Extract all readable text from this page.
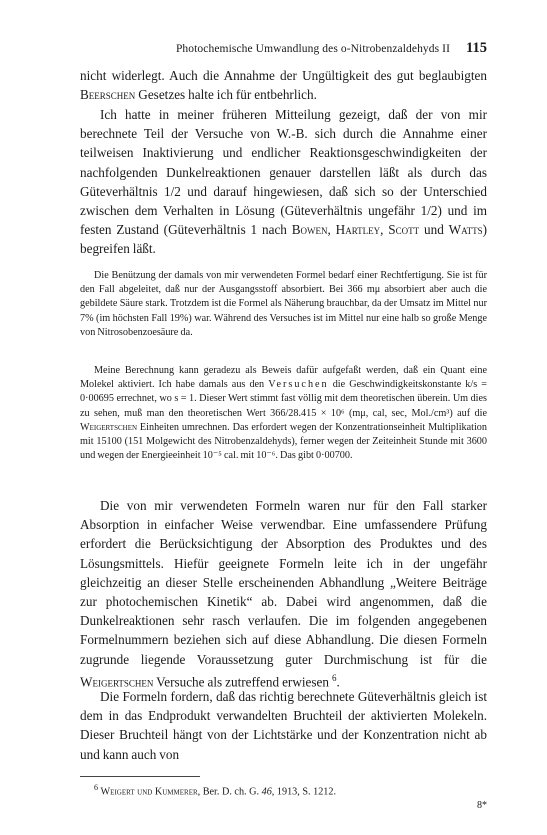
Photochemische Umwandlung des o-Nitrobenzaldehyds II 115

nicht widerlegt. Auch die Annahme der Ungültigkeit des gut beglaubigten Beerschen Gesetzes halte ich für entbehrlich.

Ich hatte in meiner früheren Mitteilung gezeigt, daß der von mir berechnete Teil der Versuche von W.-B. sich durch die Annahme einer teilweisen Inaktivierung und endlicher Reaktionsgeschwindigkeiten der nachfolgenden Dunkelreaktionen genauer darstellen läßt als durch das Güteverhältnis 1/2 und darauf hingewiesen, daß sich so der Unterschied zwischen dem Verhalten in Lösung (Güteverhältnis ungefähr 1/2) und im festen Zustand (Güteverhältnis 1 nach Bowen, Hartley, Scott und Watts) begreifen läßt.

Die Benützung der damals von mir verwendeten Formel bedarf einer Rechtfertigung. Sie ist für den Fall abgeleitet, daß nur der Ausgangsstoff absorbiert. Bei 366 mμ absorbiert aber auch die gebildete Säure stark. Trotzdem ist die Formel als Näherung brauchbar, da der Umsatz im Mittel nur 7% (im höchsten Fall 19%) war. Während des Versuches ist im Mittel nur eine halb so große Menge von Nitrosobenzoesäure da.

Meine Berechnung kann geradezu als Beweis dafür aufgefaßt werden, daß ein Quant eine Molekel aktiviert. Ich habe damals aus den Versuchen die Geschwindigkeitskonstante k/s = 0·00695 errechnet, wo s = 1. Dieser Wert stimmt fast völlig mit dem theoretischen überein. Um dies zu sehen, muß man den theoretischen Wert 366/28.415 × 10⁶ (mμ, cal, sec, Mol./cm³) auf die Weigertschen Einheiten umrechnen. Das erfordert wegen der Konzentrationseinheit Multiplikation mit 15100 (151 Molgewicht des Nitrobenzaldehyds), ferner wegen der Zeiteinheit Stunde mit 3600 und wegen der Energieeinheit 10⁻⁵ cal. mit 10⁻⁶. Das gibt 0·00700.

Die von mir verwendeten Formeln waren nur für den Fall starker Absorption in einfacher Weise verwendbar. Eine umfassendere Prüfung erfordert die Berücksichtigung der Absorption des Produktes und des Lösungsmittels. Hiefür geeignete Formeln leite ich in der ungefähr gleichzeitig an dieser Stelle erscheinenden Abhandlung „Weitere Beiträge zur photochemischen Kinetik“ ab. Dabei wird angenommen, daß die Dunkelreaktionen sehr rasch verlaufen. Die im folgenden angegebenen Formelnummern beziehen sich auf diese Abhandlung. Die diesen Formeln zugrunde liegende Voraussetzung guter Durchmischung ist für die Weigertschen Versuche als zutreffend erwiesen $^6$.

Die Formeln fordern, daß das richtig berechnete Güteverhältnis gleich ist dem in das Endprodukt verwandelten Bruchteil der aktivierten Molekeln. Dieser Bruchteil hängt von der Lichtstärke und der Konzentration nicht ab und kann auch von

$^6$ Weigert und Kummerer, Ber. D. ch. G. 46, 1913, S. 1212.
8*
